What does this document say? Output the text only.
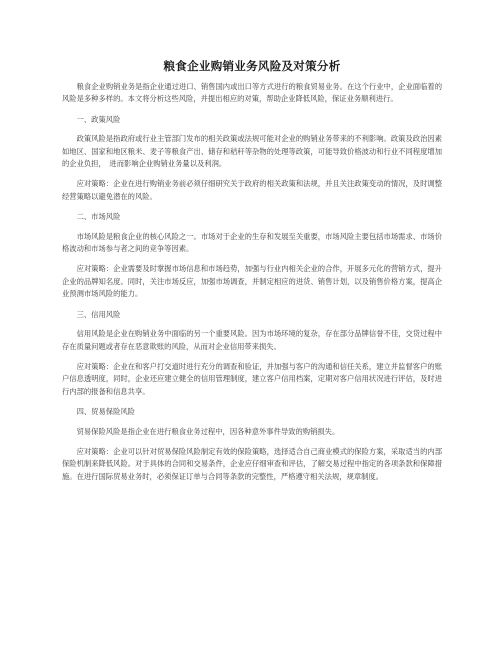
粮食企业购销业务风险及对策分析

粮食企业购销业务是指企业通过进口、销售国内或出口等方式进行的粮食贸易业务。在这个行业中，企业面临着的风险是多种多样的。本文将分析这些风险，并提出相应的对策，帮助企业降低风险，保证业务顺利进行。

一、政策风险

政策风险是指政府或行业主管部门发布的相关政策或法规可能对企业的购销业务带来的不利影响。政策及政治因素如地区、国家和地区粮米、麦子等粮食产出、储存和秸秆等杂物的处理等政策，可能导致价格波动和行业不同程度增加的企业负担，　进而影响企业购销业务量以及利润。

应对策略：企业在进行购销业务前必须仔细研究关于政府的相关政策和法规，并且关注政策变动的情况，及时调整经营策略以避免潜在的风险。

二、市场风险

市场风险是粮食企业的核心风险之一。市场对于企业的生存和发展至关重要，市场风险主要包括市场需求、市场价格波动和市场参与者之间的竞争等因素。

应对策略：企业需要及时掌握市场信息和市场趋势，加强与行业内相关企业的合作，开展多元化的营销方式，提升企业的品牌知名度。同时，关注市场反应，加强市场调查，并制定相应的进货、销售计划，以及销售价格方案，提高企业预测市场风险的能力。

三、信用风险

信用风险是企业在购销业务中面临的另一个重要风险。因为市场环境的复杂，存在部分品牌信誉不佳，交货过程中存在质量问题或者存在恶意欺账的风险，从而对企业信用带来损失。

应对策略：企业在和客户打交道时进行充分的调查和验证，并加强与客户的沟通和信任关系，建立并监督客户的账户信息透明度，同时，企业还应建立健全的信用管理制度，建立客户信用档案，定期对客户信用状况进行评估，及时进行内部的报备和信息共享。

四、贸易保险风险

贸易保险风险是指企业在进行粮食业务过程中，因各种意外事件导致的购销损失。

应对策略：企业可以针对贸易保险风险制定有效的保险策略，选择适合自己商业模式的保险方案，采取适当的内部保险机制来降低风险。对于具体的合同和交易条件，企业应仔细审查和评估，了解交易过程中指定的各项条款和保障措施。在进行国际贸易业务时，必须保证订单与合同等条款的完整性，严格遵守相关法规，规章制度。
